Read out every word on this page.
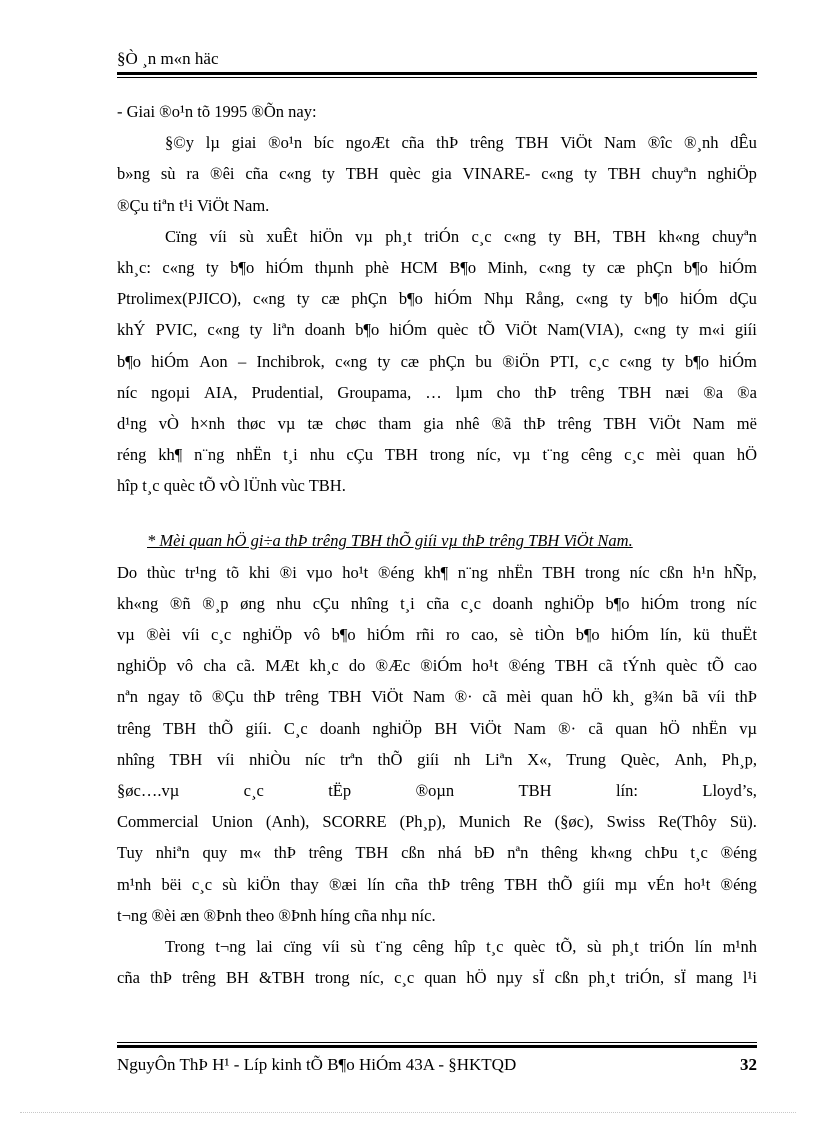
§Ò ¸n m«n häc
- Giai ®o¹n tõ 1995 ®Õn nay:
§©y lµ giai ®o¹n bíc ngoÆt cña thÞ trêng TBH ViÖt Nam ®îc ®¸nh dÊu
b»ng sù ra ®êi cña c«ng ty TBH quèc gia VINARE- c«ng ty TBH chuyªn nghiÖp
®Çu tiªn t¹i ViÖt Nam.
Cïng víi sù xuÊt hiÖn vµ ph¸t triÓn c¸c c«ng ty BH, TBH kh«ng chuyªn
kh¸c: c«ng ty b¶o hiÓm thµnh phè HCM B¶o Minh, c«ng ty cæ phÇn b¶o hiÓm
Ptrolimex(PJICO), c«ng ty cæ phÇn b¶o hiÓm Nhµ Rång, c«ng ty b¶o hiÓm dÇu
khÝ PVIC, c«ng ty liªn doanh b¶o hiÓm quèc tÕ ViÖt Nam(VIA), c«ng ty m«i giíi
b¶o hiÓm Aon – Inchibrok, c«ng ty cæ phÇn bu ®iÖn PTI, c¸c c«ng ty b¶o hiÓm
níc ngoµi AIA, Prudential, Groupama, … lµm cho thÞ trêng TBH næi ®a ®a
d¹ng vÒ h×nh thøc vµ tæ chøc tham gia nhê ®ã thÞ trêng TBH ViÖt Nam më
réng kh¶ n¨ng nhËn t¸i nhu cÇu TBH trong níc, vµ t¨ng cêng c¸c mèi quan hÖ
hîp t¸c quèc tÕ vÒ lÜnh vùc TBH.
* Mèi quan hÖ gi÷a thÞ trêng TBH thÕ giíi vµ thÞ trêng TBH ViÖt Nam.
Do thùc tr¹ng tõ khi ®i vµo ho¹t ®éng kh¶ n¨ng nhËn TBH trong níc cßn h¹n hÑp,
kh«ng ®ñ ®¸p øng nhu cÇu nhîng t¸i cña c¸c doanh nghiÖp b¶o hiÓm trong níc
vµ ®èi víi c¸c nghiÖp vô b¶o hiÓm rñi ro cao, sè tiÒn b¶o hiÓm lín, kü thuËt
nghiÖp vô cha cã. MÆt kh¸c do ®Æc ®iÓm ho¹t ®éng TBH cã tÝnh quèc tÕ cao
nªn ngay tõ ®Çu thÞ trêng TBH ViÖt Nam ®· cã mèi quan hÖ kh¸ g¾n bã víi thÞ
trêng TBH thÕ giíi. C¸c doanh nghiÖp BH ViÖt Nam ®· cã quan hÖ nhËn vµ
nhîng TBH víi nhiÒu níc trªn thÕ giíi nh Liªn X«, Trung Quèc, Anh, Ph¸p,
§øc….vµ	c¸c	tËp	®oµn	TBH	lín:	Lloyd’s,
Commercial Union (Anh), SCORRE (Ph¸p), Munich Re (§øc), Swiss Re(Thôy Sü).
Tuy nhiªn quy m« thÞ trêng TBH cßn nhá bÐ nªn thêng kh«ng chÞu t¸c ®éng
m¹nh bëi c¸c sù kiÖn thay ®æi lín cña thÞ trêng TBH thÕ giíi mµ vÉn ho¹t ®éng
t¬ng ®èi æn ®Þnh theo ®Þnh híng cña nhµ níc.
Trong t¬ng lai cïng víi sù t¨ng cêng hîp t¸c quèc tÕ, sù ph¸t triÓn lín m¹nh
cña thÞ trêng BH &TBH trong níc, c¸c quan hÖ nµy sÏ cßn ph¸t triÓn, sÏ mang l¹i
NguyÔn ThÞ H¹ - Líp kinh tÕ B¶o HiÓm 43A - §HKTQD	32
